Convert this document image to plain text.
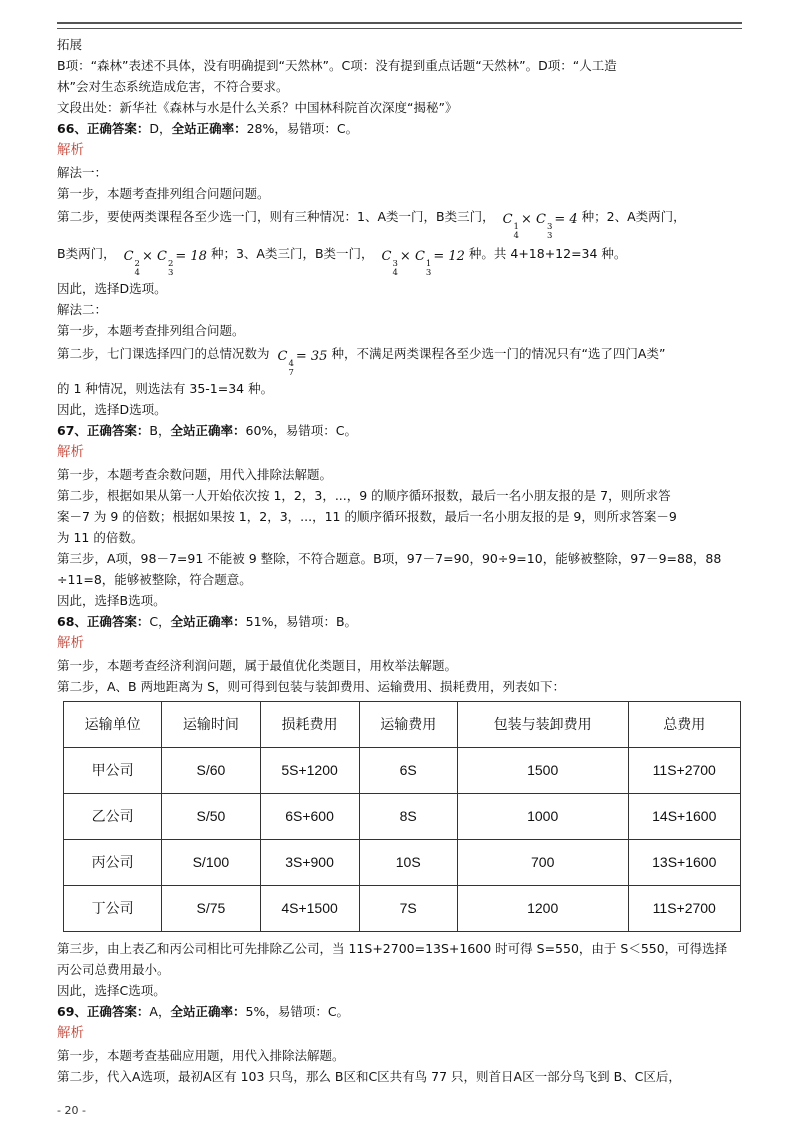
拓展
B项：“森林”表述不具体，没有明确提到“天然林”。C项：没有提到重点话题“天然林”。D项：“人工造
林”会对生态系统造成危害，不符合要求。
文段出处：新华社《森林与水是什么关系？中国林科院首次深度“揭秘”》
66、正确答案：D，全站正确率：28%，易错项：C。
解析
解法一：
第一步，本题考查排列组合问题问题。
第二步，要使两类课程各至少选一门，则有三种情况：1、A类一门，B类三门， C 1
4
× C 3
3
= 4 种；2、A类两门，
B类两门， C 2
4
× C 2
3
= 18 种；3、A类三门，B类一门， C 3
4
× C 1
3
= 12 种。共 4+18+12=34 种。
因此，选择D选项。
解法二：
第一步，本题考查排列组合问题。
第二步，七门课选择四门的总情况数为 C 4
7
= 35 种，不满足两类课程各至少选一门的情况只有“选了四门A类”
的 1 种情况，则选法有 35-1=34 种。
因此，选择D选项。
67、正确答案：B，全站正确率：60%，易错项：C。
解析
第一步，本题考查余数问题，用代入排除法解题。
第二步，根据如果从第一人开始依次按 1，2，3，...，9 的顺序循环报数，最后一名小朋友报的是 7，则所求答
案－7 为 9 的倍数；根据如果按 1，2，3，...，11 的顺序循环报数，最后一名小朋友报的是 9，则所求答案－9
为 11 的倍数。
第三步，A项，98－7=91 不能被 9 整除，不符合题意。B项，97－7=90，90÷9=10，能够被整除，97－9=88，88
÷11=8，能够被整除，符合题意。
因此，选择B选项。
68、正确答案：C，全站正确率：51%，易错项：B。
解析
第一步，本题考查经济利润问题，属于最值优化类题目，用枚举法解题。
第二步，A、B 两地距离为 S，则可得到包装与装卸费用、运输费用、损耗费用，列表如下：
运输单位	运输时间	损耗费用	运输费用	包装与装卸费用	总费用
甲公司	S/60	5S+1200	6S	1500	11S+2700
乙公司	S/50	6S+600	8S	1000	14S+1600
丙公司	S/100	3S+900	10S	700	13S+1600
丁公司	S/75	4S+1500	7S	1200	11S+2700
第三步，由上表乙和丙公司相比可先排除乙公司，当 11S+2700=13S+1600 时可得 S=550，由于 S＜550，可得选择
丙公司总费用最小。
因此，选择C选项。
69、正确答案：A，全站正确率：5%，易错项：C。
解析
第一步，本题考查基础应用题，用代入排除法解题。
第二步，代入A选项，最初A区有 103 只鸟，那么 B区和C区共有鸟 77 只，则首日A区一部分鸟飞到 B、C区后，
- 20 -
